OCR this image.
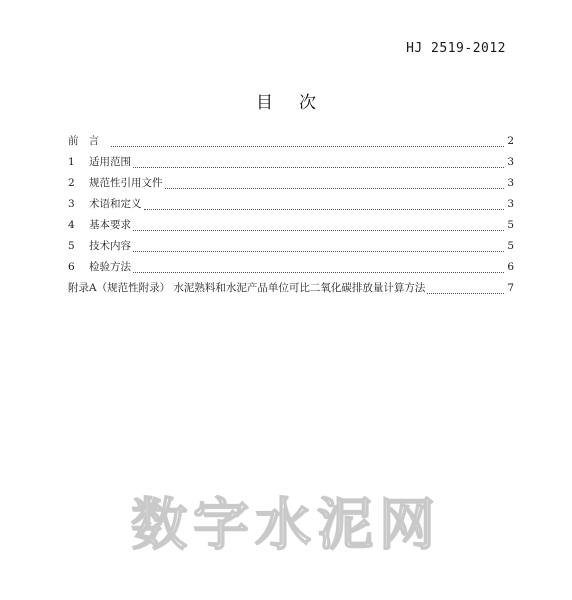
HJ 2519-2012
目次
前言	2
1	适用范围	3
2	规范性引用文件	3
3	术语和定义	3
4	基本要求	5
5	技术内容	5
6	检验方法	6
附录A（规范性附录） 水泥熟料和水泥产品单位可比二氧化碳排放量计算方法	7
数字水泥网
